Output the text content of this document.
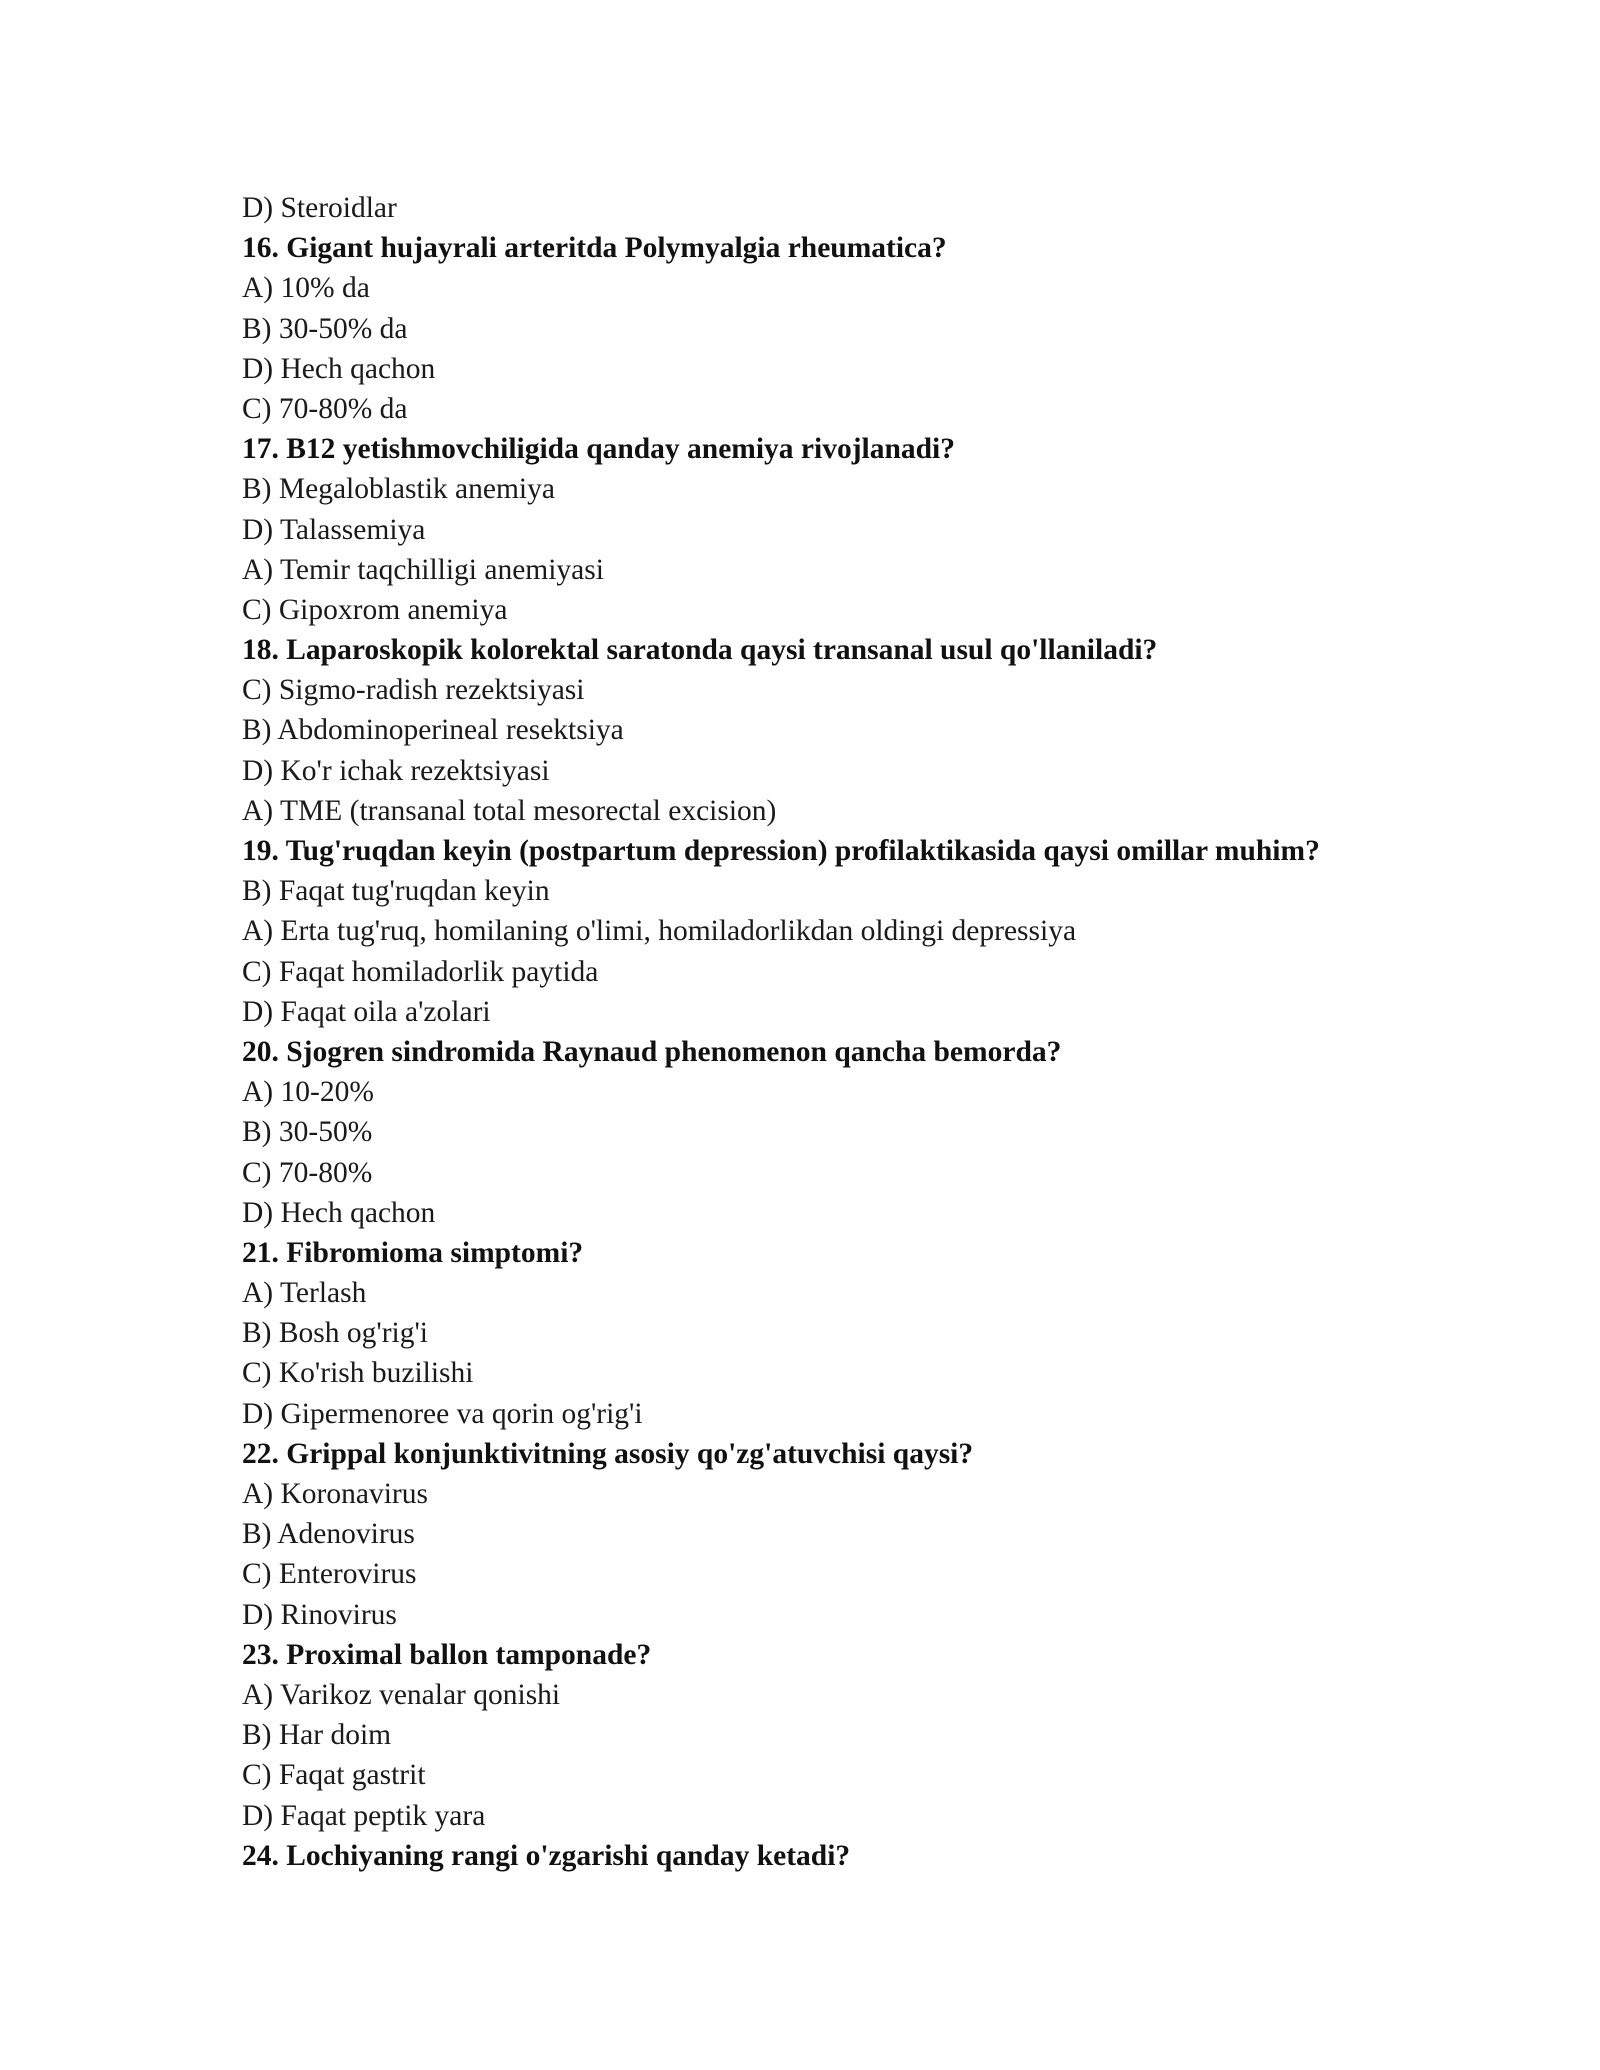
D) Steroidlar
16. Gigant hujayrali arteritda Polymyalgia rheumatica?
A) 10% da
B) 30-50% da
D) Hech qachon
C) 70-80% da
17. B12 yetishmovchiligida qanday anemiya rivojlanadi?
B) Megaloblastik anemiya
D) Talassemiya
A) Temir taqchilligi anemiyasi
C) Gipoxrom anemiya
18. Laparoskopik kolorektal saratonda qaysi transanal usul qo'llaniladi?
C) Sigmo-radish rezektsiyasi
B) Abdominoperineal resektsiya
D) Ko'r ichak rezektsiyasi
A) TME (transanal total mesorectal excision)
19. Tug'ruqdan keyin (postpartum depression) profilaktikasida qaysi omillar muhim?
B) Faqat tug'ruqdan keyin
A) Erta tug'ruq, homilaning o'limi, homiladorlikdan oldingi depressiya
C) Faqat homiladorlik paytida
D) Faqat oila a'zolari
20. Sjogren sindromida Raynaud phenomenon qancha bemorda?
A) 10-20%
B) 30-50%
C) 70-80%
D) Hech qachon
21. Fibromioma simptomi?
A) Terlash
B) Bosh og'rig'i
C) Ko'rish buzilishi
D) Gipermenoree va qorin og'rig'i
22. Grippal konjunktivitning asosiy qo'zg'atuvchisi qaysi?
A) Koronavirus
B) Adenovirus
C) Enterovirus
D) Rinovirus
23. Proximal ballon tamponade?
A) Varikoz venalar qonishi
B) Har doim
C) Faqat gastrit
D) Faqat peptik yara
24. Lochiyaning rangi o'zgarishi qanday ketadi?
